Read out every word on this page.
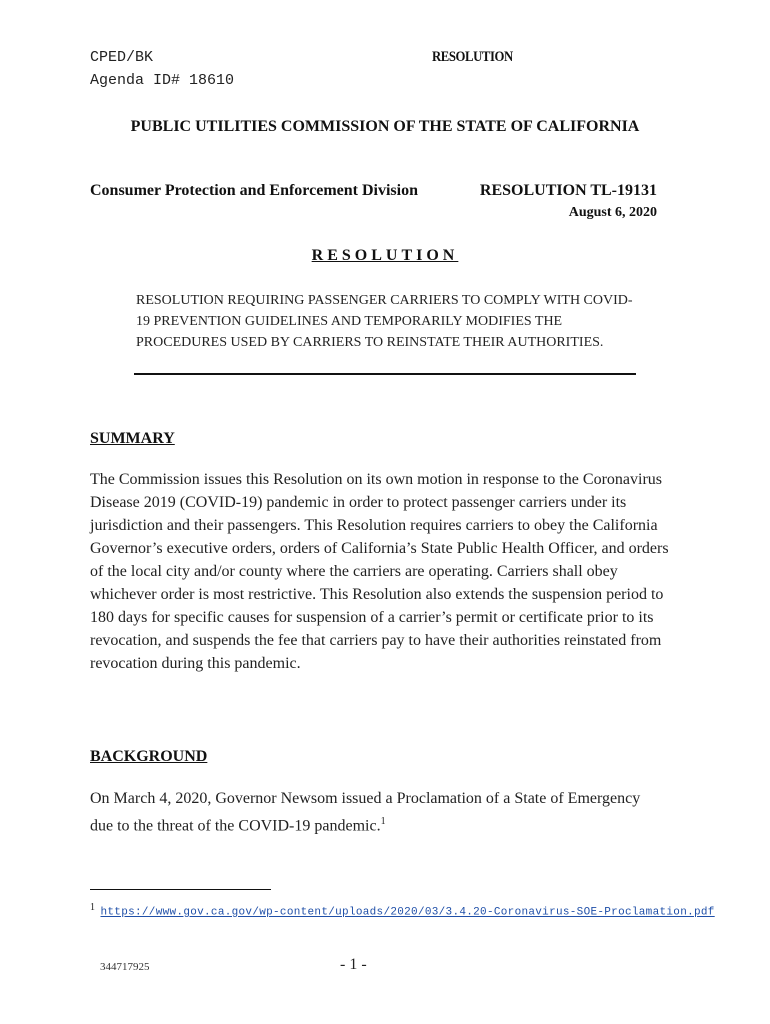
CPED/BK
Agenda ID# 18610
RESOLUTION
PUBLIC UTILITIES COMMISSION OF THE STATE OF CALIFORNIA
Consumer Protection and Enforcement Division	RESOLUTION TL-19131
August 6, 2020
RESOLUTION
RESOLUTION REQUIRING PASSENGER CARRIERS TO COMPLY WITH COVID-19 PREVENTION GUIDELINES AND TEMPORARILY MODIFIES THE PROCEDURES USED BY CARRIERS TO REINSTATE THEIR AUTHORITIES.
SUMMARY
The Commission issues this Resolution on its own motion in response to the Coronavirus Disease 2019 (COVID-19) pandemic in order to protect passenger carriers under its jurisdiction and their passengers. This Resolution requires carriers to obey the California Governor’s executive orders, orders of California’s State Public Health Officer, and orders of the local city and/or county where the carriers are operating. Carriers shall obey whichever order is most restrictive. This Resolution also extends the suspension period to 180 days for specific causes for suspension of a carrier’s permit or certificate prior to its revocation, and suspends the fee that carriers pay to have their authorities reinstated from revocation during this pandemic.
BACKGROUND
On March 4, 2020, Governor Newsom issued a Proclamation of a State of Emergency due to the threat of the COVID-19 pandemic.$^1$
$^1$ https://www.gov.ca.gov/wp-content/uploads/2020/03/3.4.20-Coronavirus-SOE-Proclamation.pdf
344717925	- 1 -
